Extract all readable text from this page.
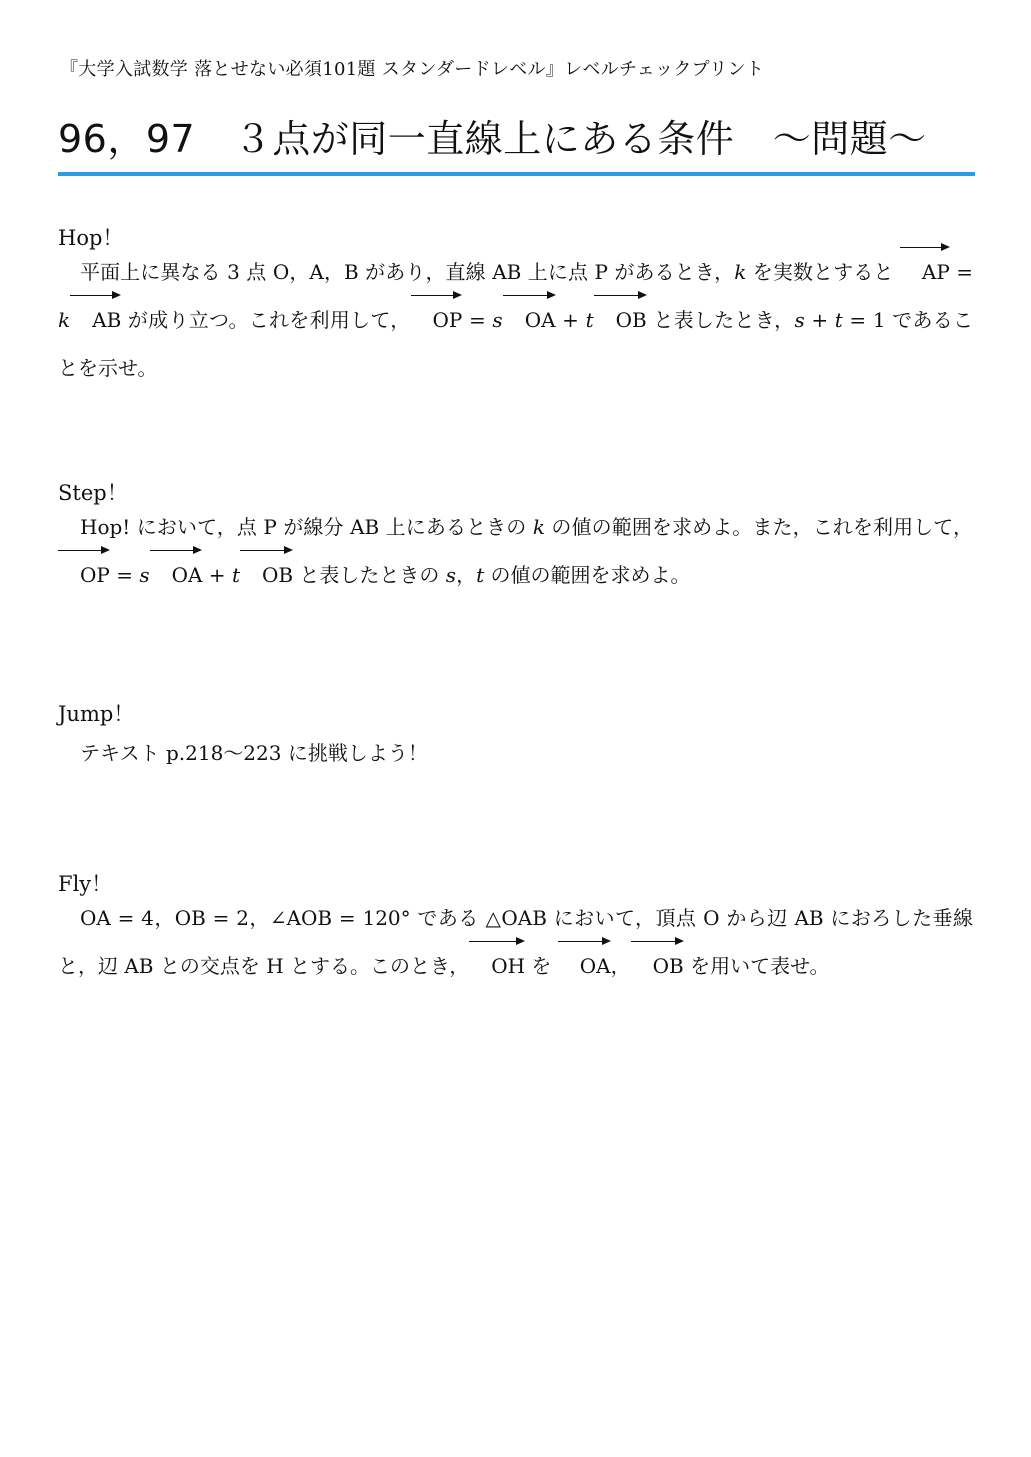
『大学入試数学 落とせない必須101題 スタンダードレベル』レベルチェックプリント
96，97　３点が同一直線上にある条件　～問題～
Hop！
平面上に異なる 3 点 O，A，B があり，直線 AB 上に点 P があるとき，k を実数とすると AP = k AB が成り立つ。これを利用して， OP = s OA + t OB と表したとき，s + t = 1 であることを示せ。
Step！
Hop! において，点 P が線分 AB 上にあるときの k の値の範囲を求めよ。また，これを利用して，OP = s OA + t OB と表したときの s，t の値の範囲を求めよ。
Jump！
テキスト p.218～223 に挑戦しよう！
Fly！
OA = 4，OB = 2，∠AOB = 120° である △OAB において，頂点 O から辺 AB におろした垂線と，辺 AB との交点を H とする。このとき， OH を OA， OB を用いて表せ。
